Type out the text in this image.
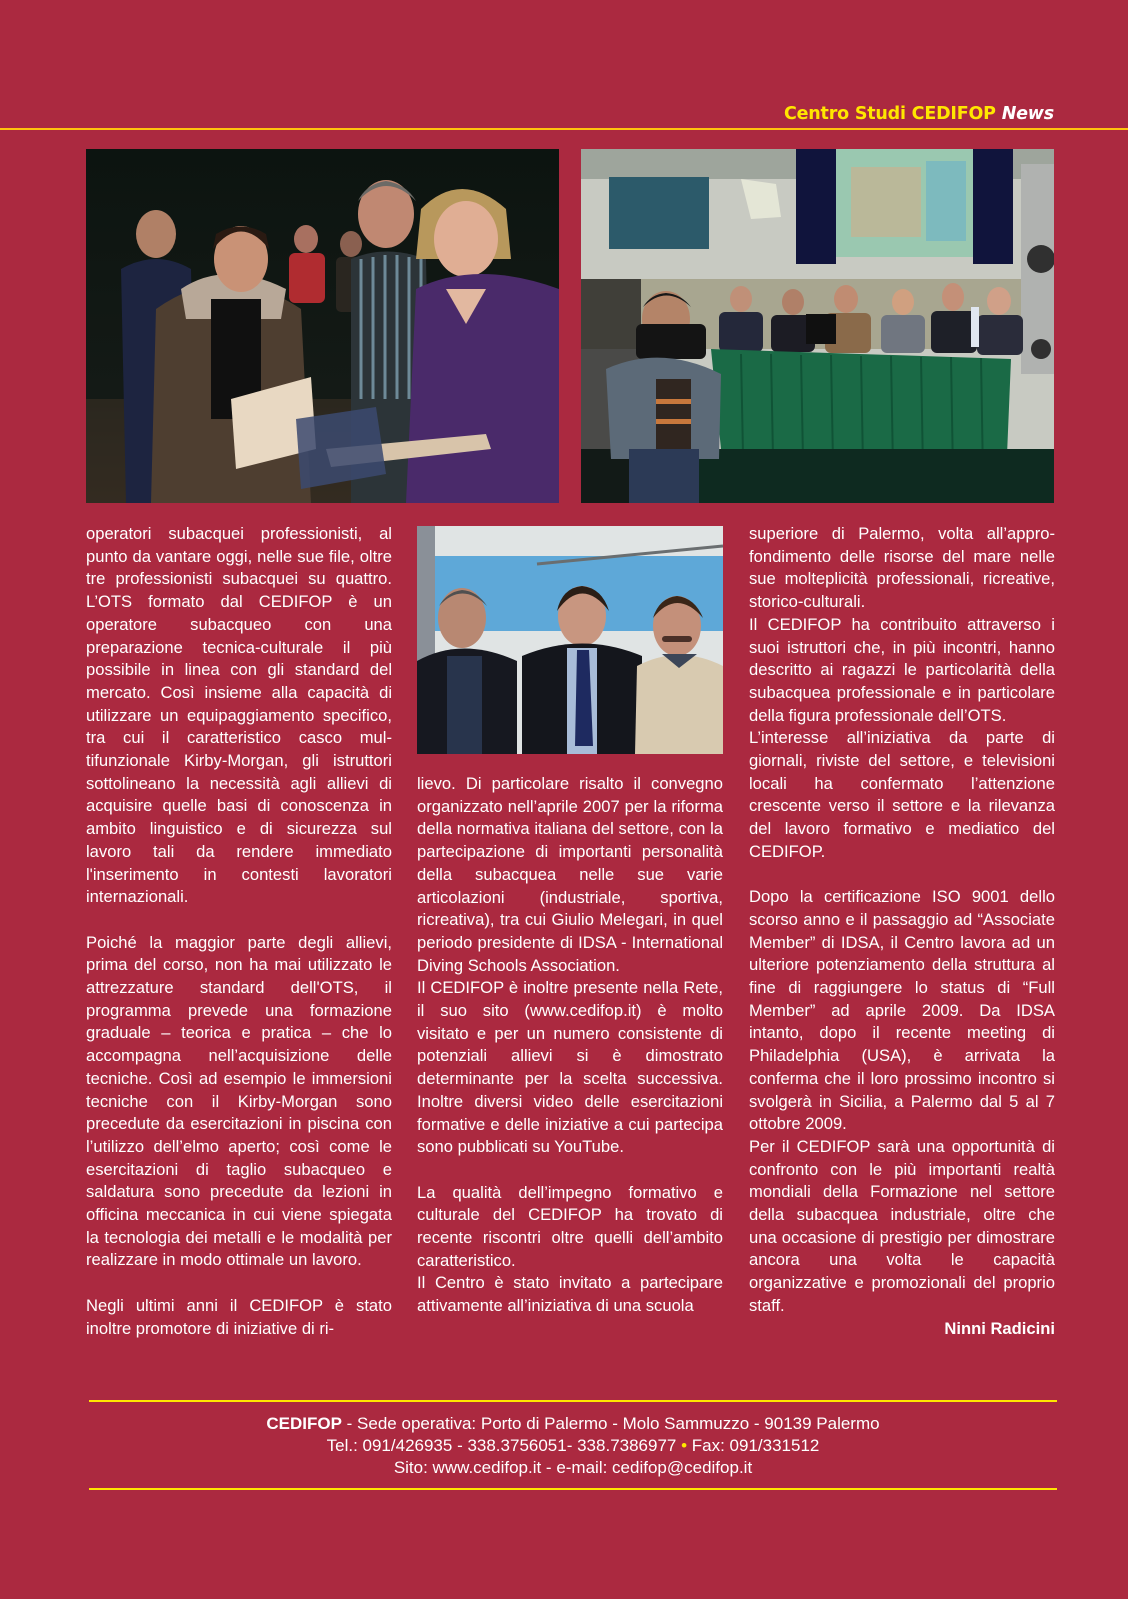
Centro Studi CEDIFOP News

operatori subacquei professionisti, al punto da vantare oggi, nelle sue file, oltre tre professionisti subacquei su quattro. L’OTS formato dal CEDIFOP è un operatore subacqueo con una preparazione tecnica-culturale il più possibile in linea con gli standard del mercato. Così insieme alla capacità di utilizzare un equipaggiamento specifico, tra cui il caratteristico casco multifunzionale Kirby-Morgan, gli istruttori sottolineano la necessità agli allievi di acquisire quelle basi di conoscenza in ambito linguistico e di sicurezza sul lavoro tali da rendere immediato l'inserimento in contesti lavoratori internazionali.

Poiché la maggior parte degli allievi, prima del corso, non ha mai utilizzato le attrezzature standard dell'OTS, il programma prevede una formazione graduale – teorica e pratica – che lo accompagna nell’acquisizione delle tecniche. Così ad esempio le immersioni tecniche con il Kirby-Morgan sono precedute da esercitazioni in piscina con l’utilizzo dell’elmo aperto; così come le esercitazioni di taglio subacqueo e saldatura sono precedute da lezioni in officina meccanica in cui viene spiegata la tecnologia dei metalli e le modalità per realizzare in modo ottimale un lavoro.

Negli ultimi anni il CEDIFOP è stato inoltre promotore di iniziative di ri-

lievo. Di particolare risalto il convegno organizzato nell’aprile 2007 per la riforma della normativa italiana del settore, con la partecipazione di importanti personalità della subacquea nelle sue varie articolazioni (industriale, sportiva, ricreativa), tra cui Giulio Melegari, in quel periodo presidente di IDSA - International Diving Schools Association.

Il CEDIFOP è inoltre presente nella Rete, il suo sito (www.cedifop.it) è molto visitato e per un numero consistente di potenziali allievi si è dimostrato determinante per la scelta successiva. Inoltre diversi video delle esercitazioni formative e delle iniziative a cui partecipa sono pubblicati su YouTube.

La qualità dell’impegno formativo e culturale del CEDIFOP ha trovato di recente riscontri oltre quelli dell’ambito caratteristico.

Il Centro è stato invitato a partecipare attivamente all’iniziativa di una scuola

superiore di Palermo, volta all’approfondimento delle risorse del mare nelle sue molteplicità professionali, ricreative, storico-culturali.

Il CEDIFOP ha contribuito attraverso i suoi istruttori che, in più incontri, hanno descritto ai ragazzi le particolarità della subacquea professionale e in particolare della figura professionale dell’OTS.

L’interesse all’iniziativa da parte di giornali, riviste del settore, e televisioni locali ha confermato l’attenzione crescente verso il settore e la rilevanza del lavoro formativo e mediatico del CEDIFOP.

Dopo la certificazione ISO 9001 dello scorso anno e il passaggio ad “Associate Member” di IDSA, il Centro lavora ad un ulteriore potenziamento della struttura al fine di raggiungere lo status di “Full Member” ad aprile 2009. Da IDSA intanto, dopo il recente meeting di Philadelphia (USA), è arrivata la conferma che il loro prossimo incontro si svolgerà in Sicilia, a Palermo dal 5 al 7 ottobre 2009.

Per il CEDIFOP sarà una opportunità di confronto con le più importanti realtà mondiali della Formazione nel settore della subacquea industriale, oltre che una occasione di prestigio per dimostrare ancora una volta le capacità organizzative e promozionali del proprio staff.

Ninni Radicini

CEDIFOP - Sede operativa: Porto di Palermo - Molo Sammuzzo - 90139 Palermo
Tel.: 091/426935 - 338.3756051- 338.7386977 • Fax: 091/331512
Sito: www.cedifop.it - e-mail: cedifop@cedifop.it
